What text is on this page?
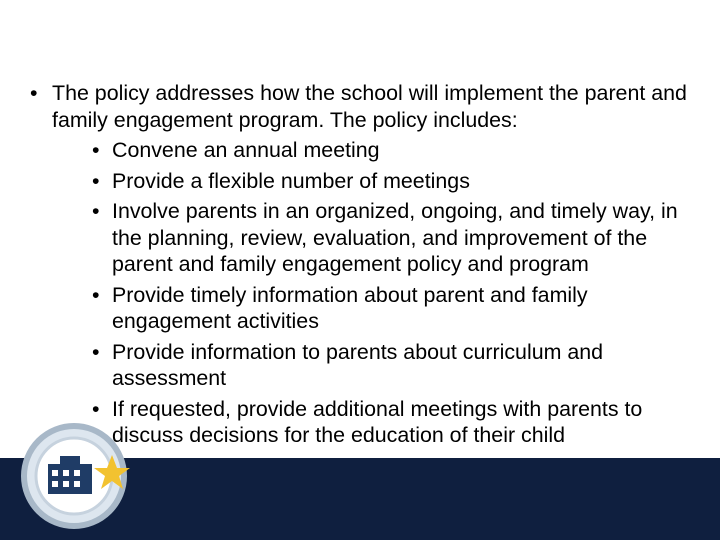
• The policy addresses how the school will implement the parent and family engagement program. The policy includes:
• Convene an annual meeting
• Provide a flexible number of meetings
• Involve parents in an organized, ongoing, and timely way, in the planning, review, evaluation, and improvement of the parent and family engagement policy and program
• Provide timely information about parent and family engagement activities
• Provide information to parents about curriculum and assessment
• If requested, provide additional meetings with parents to discuss decisions for the education of their child
